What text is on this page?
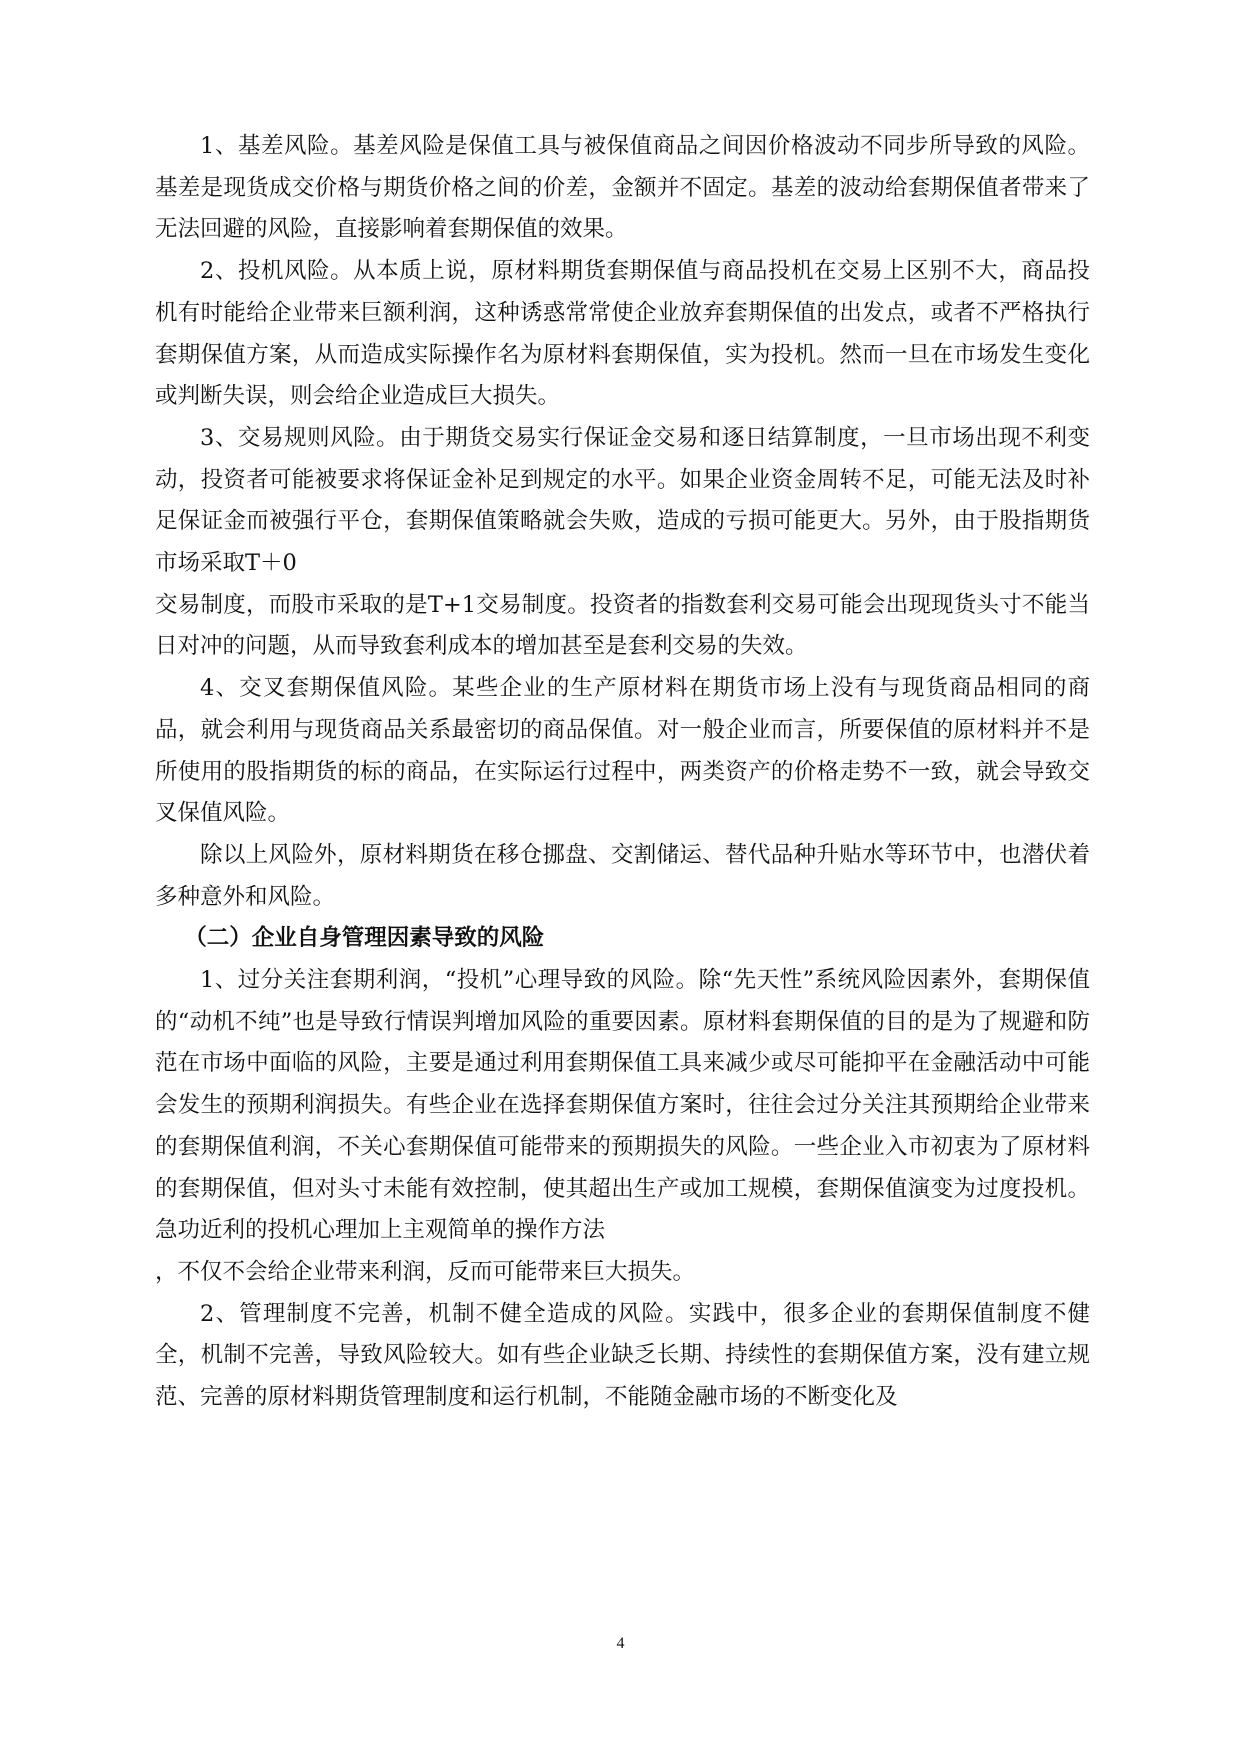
1、基差风险。基差风险是保值工具与被保值商品之间因价格波动不同步所导致的风险。基差是现货成交价格与期货价格之间的价差，金额并不固定。基差的波动给套期保值者带来了无法回避的风险，直接影响着套期保值的效果。

2、投机风险。从本质上说，原材料期货套期保值与商品投机在交易上区别不大，商品投机有时能给企业带来巨额利润，这种诱惑常常使企业放弃套期保值的出发点，或者不严格执行套期保值方案，从而造成实际操作名为原材料套期保值，实为投机。然而一旦在市场发生变化或判断失误，则会给企业造成巨大损失。

3、交易规则风险。由于期货交易实行保证金交易和逐日结算制度，一旦市场出现不利变动，投资者可能被要求将保证金补足到规定的水平。如果企业资金周转不足，可能无法及时补足保证金而被强行平仓，套期保值策略就会失败，造成的亏损可能更大。另外，由于股指期货市场采取T＋0

交易制度，而股市采取的是T+1交易制度。投资者的指数套利交易可能会出现现货头寸不能当日对冲的问题，从而导致套利成本的增加甚至是套利交易的失效。

4、交叉套期保值风险。某些企业的生产原材料在期货市场上没有与现货商品相同的商品，就会利用与现货商品关系最密切的商品保值。对一般企业而言，所要保值的原材料并不是所使用的股指期货的标的商品，在实际运行过程中，两类资产的价格走势不一致，就会导致交叉保值风险。

除以上风险外，原材料期货在移仓挪盘、交割储运、替代品种升贴水等环节中，也潜伏着多种意外和风险。

（二）企业自身管理因素导致的风险

1、过分关注套期利润，“投机”心理导致的风险。除“先天性”系统风险因素外，套期保值的“动机不纯”也是导致行情误判增加风险的重要因素。原材料套期保值的目的是为了规避和防范在市场中面临的风险，主要是通过利用套期保值工具来减少或尽可能抑平在金融活动中可能会发生的预期利润损失。有些企业在选择套期保值方案时，往往会过分关注其预期给企业带来的套期保值利润，不关心套期保值可能带来的预期损失的风险。一些企业入市初衷为了原材料的套期保值，但对头寸未能有效控制，使其超出生产或加工规模，套期保值演变为过度投机。急功近利的投机心理加上主观简单的操作方法

，不仅不会给企业带来利润，反而可能带来巨大损失。

2、管理制度不完善，机制不健全造成的风险。实践中，很多企业的套期保值制度不健全，机制不完善，导致风险较大。如有些企业缺乏长期、持续性的套期保值方案，没有建立规范、完善的原材料期货管理制度和运行机制，不能随金融市场的不断变化及

4
